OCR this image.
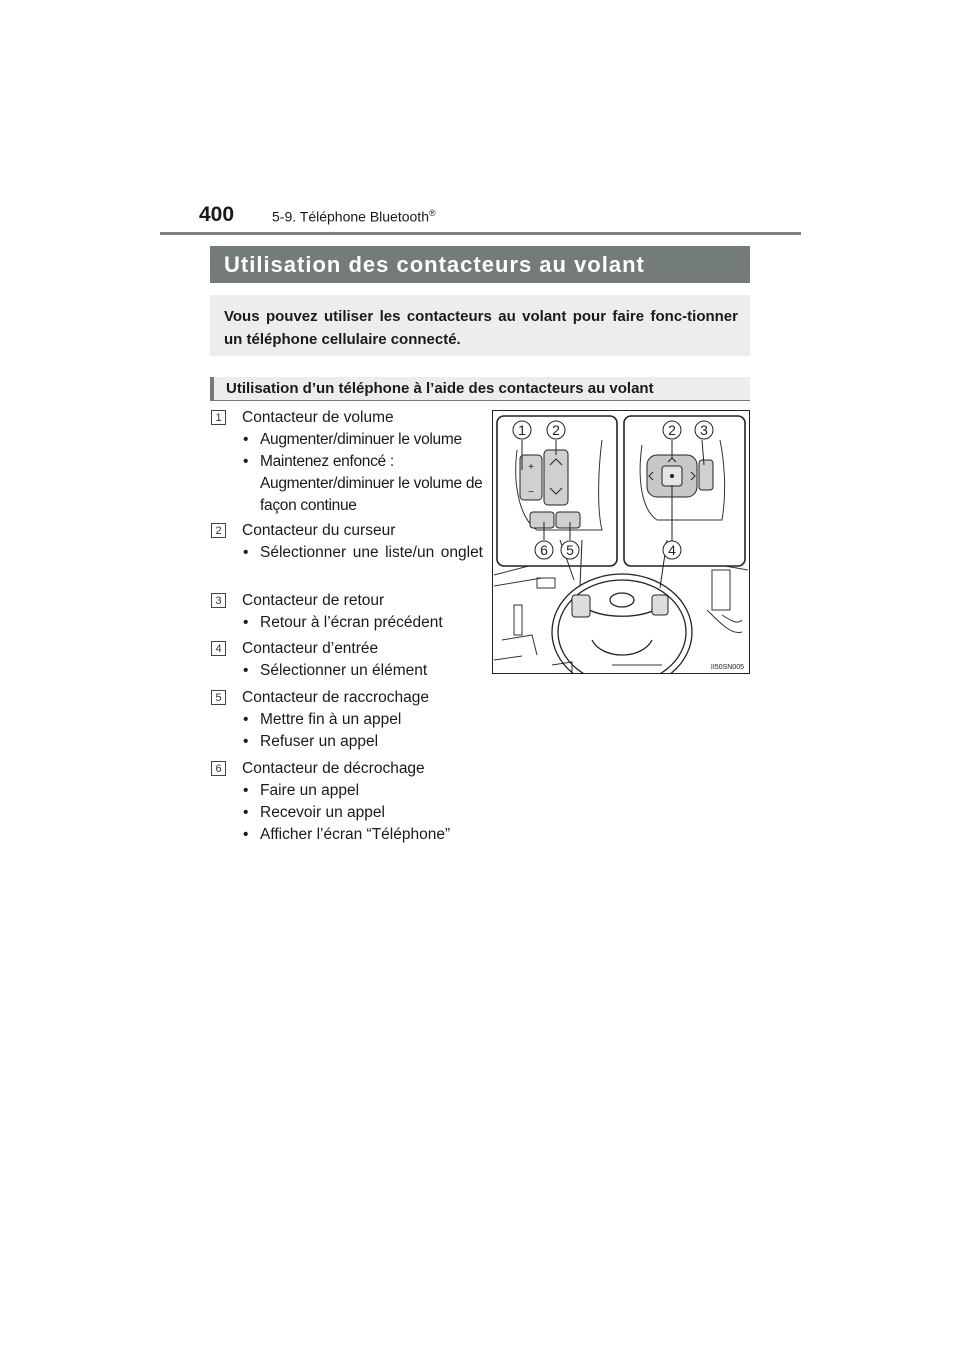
400	5-9. Téléphone Bluetooth®
Utilisation des contacteurs au volant
Vous pouvez utiliser les contacteurs au volant pour faire fonc-tionner un téléphone cellulaire connecté.
Utilisation d’un téléphone à l’aide des contacteurs au volant
1 Contacteur de volume
• Augmenter/diminuer le volume
• Maintenez enfoncé : Augmenter/diminuer le volume de façon continue
2 Contacteur du curseur
• Sélectionner une liste/un onglet
3 Contacteur de retour
• Retour à l’écran précédent
4 Contacteur d’entrée
• Sélectionner un élément
5 Contacteur de raccrochage
• Mettre fin à un appel
• Refuser un appel
6 Contacteur de décrochage
• Faire un appel
• Recevoir un appel
• Afficher l’écran “Téléphone”
+
−
1 2
6 5
2 3
4
II50SN005
